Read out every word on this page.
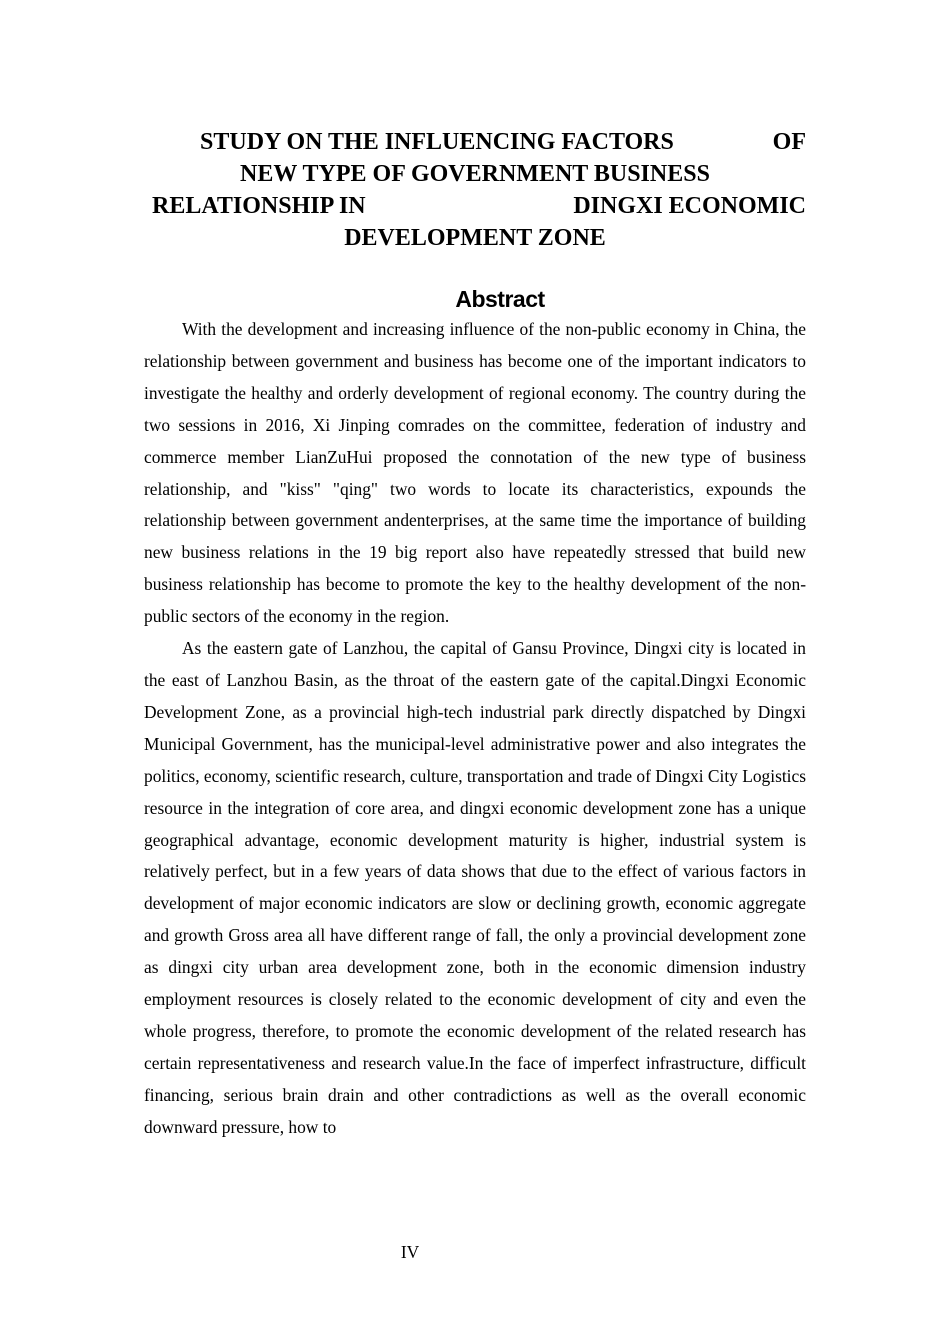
STUDY ON THE INFLUENCING FACTORS	OF
NEW TYPE OF GOVERNMENT BUSINESS
RELATIONSHIP IN	DINGXI ECONOMIC
DEVELOPMENT ZONE
Abstract

With the development and increasing influence of the non-public economy in China, the relationship between government and business has become one of the important indicators to investigate the healthy and orderly development of regional economy. The country during the two sessions in 2016, Xi Jinping comrades on the committee, federation of industry and commerce member LianZuHui proposed the connotation of the new type of business relationship, and "kiss" "qing" two words to locate its characteristics, expounds the relationship between government andenterprises, at the same time the importance of building new business relations in the 19 big report also have repeatedly stressed that build new business relationship has become to promote the key to the healthy development of the non-public sectors of the economy in the region.

As the eastern gate of Lanzhou, the capital of Gansu Province, Dingxi city is located in the east of Lanzhou Basin, as the throat of the eastern gate of the capital.Dingxi Economic Development Zone, as a provincial high-tech industrial park directly dispatched by Dingxi Municipal Government, has the municipal-level administrative power and also integrates the politics, economy, scientific research, culture, transportation and trade of Dingxi City Logistics resource in the integration of core area, and dingxi economic development zone has a unique geographical advantage, economic development maturity is higher, industrial system is relatively perfect, but in a few years of data shows that due to the effect of various factors in development of major economic indicators are slow or declining growth, economic aggregate and growth Gross area all have different range of fall, the only a provincial development zone as dingxi city urban area development zone, both in the economic dimension industry employment resources is closely related to the economic development of city and even the whole progress, therefore, to promote the economic development of the related research has certain representativeness and research value.In the face of imperfect infrastructure, difficult financing, serious brain drain and other contradictions as well as the overall economic downward pressure, how to

IV
